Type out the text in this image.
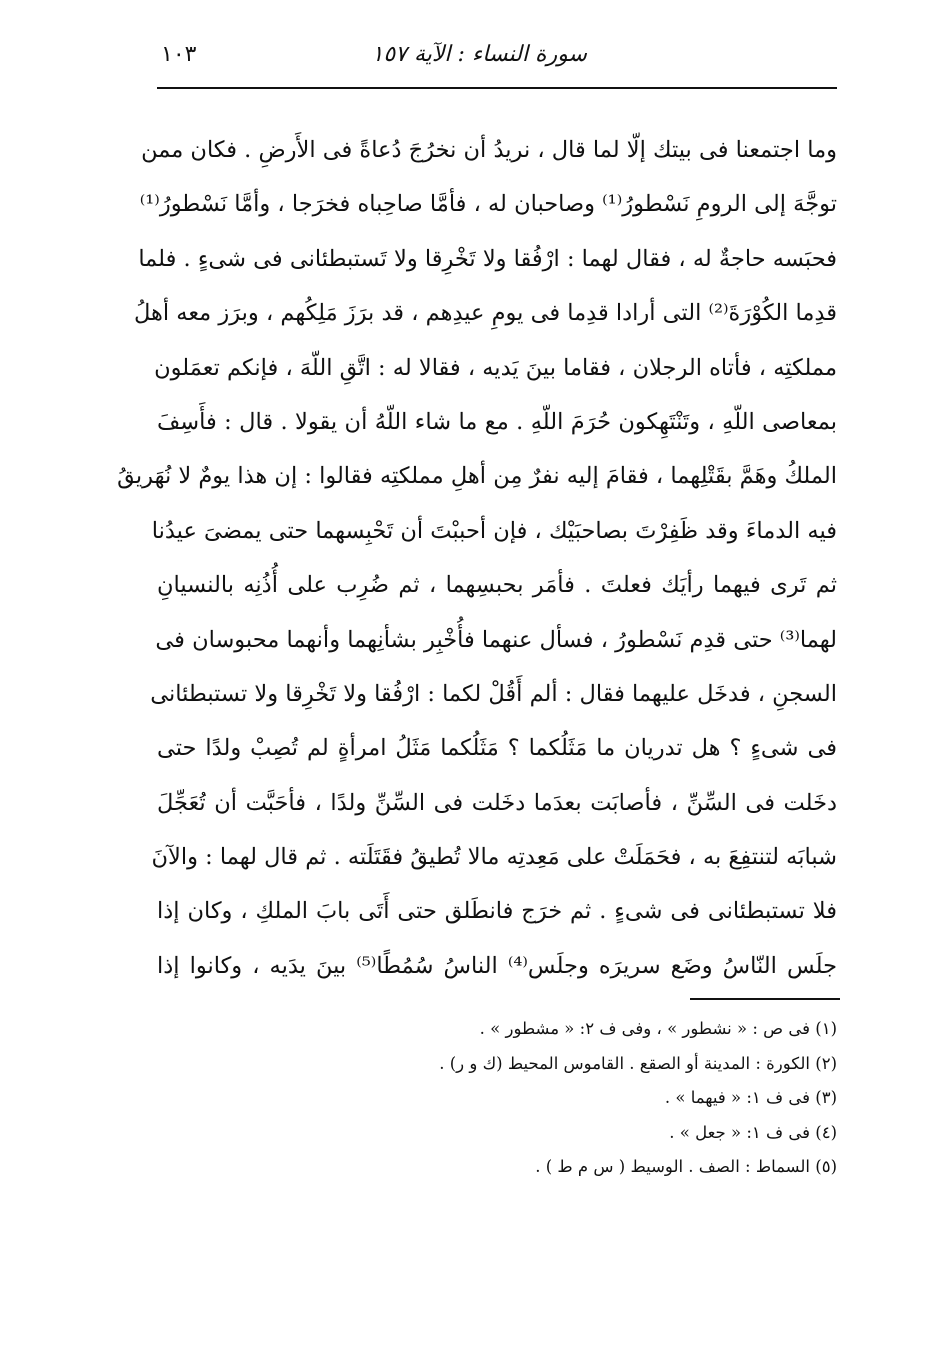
سورة النساء : الآية ١٥٧
١٠٣
وما اجتمعنا فى بيتك إلّا لما قال ، نريدُ أن نخرُجَ دُعاةً فى الأَرضِ . فكان ممن
توجَّهَ إلى الرومِ نَسْطورُ⁽¹⁾ وصاحبان له ، فأمَّا صاحِباه فخرَجا ، وأمَّا نَسْطورُ⁽¹⁾
فحبَسه حاجةٌ له ، فقال لهما : ارْفُقا ولا تَخْرِقا ولا تَستبطئانى فى شىءٍ . فلما
قدِما الكُوْرَةَ⁽²⁾ التى أرادا قدِما فى يومِ عيدِهم ، قد برَزَ مَلِكُهم ، وبرَز معه أهلُ
مملكتِه ، فأتاه الرجلان ، فقاما بينَ يَديه ، فقالا له : اتَّقِ اللّهَ ، فإنكم تعمَلون
بمعاصى اللّهِ ، وتَنْتَهِكون حُرَمَ اللّهِ . مع ما شاء اللّهُ أن يقولا . قال : فأَسِفَ
الملكُ وهَمَّ بقَتْلِهما ، فقامَ إليه نفرٌ مِن أهلِ مملكتِه فقالوا : إن هذا يومٌ لا نُهَريقُ
فيه الدماءَ وقد ظَفِرْتَ بصاحبَيْك ، فإن أحببْتَ أن تَحْبِسهما حتى يمضىَ عيدُنا
ثم تَرى فيهما رأيَك فعلتَ . فأمَر بحبسِهما ، ثم ضُرِب على أُذُنِه بالنسيانِ
لهما⁽³⁾ حتى قدِم نَسْطورُ ، فسأل عنهما فأُخْبِر بشأنِهما وأنهما محبوسان فى
السجنِ ، فدخَل عليهما فقال : ألم أَقُلْ لكما : ارْفُقا ولا تَخْرِقا ولا تستبطئانى
فى شىءٍ ؟ هل تدريان ما مَثَلُكما ؟ مَثَلُكما مَثَلُ امرأةٍ لم تُصِبْ ولدًا حتى
دخَلت فى السِّنِّ ، فأصابَت بعدَما دخَلت فى السِّنِّ ولدًا ، فأحَبَّت أن تُعَجِّلَ
شبابَه لتنتفِعَ به ، فحَمَلَتْ على مَعِدتِه مالا تُطيقُ فقَتَلَته . ثم قال لهما : والآنَ
فلا تستبطئانى فى شىءٍ . ثم خرَج فانطَلق حتى أَتَى بابَ الملكِ ، وكان إذا
جلَس النّاسُ وضَع سريرَه وجلَس⁽⁴⁾ الناسُ سُمُطًا⁽⁵⁾ بينَ يدَيه ، وكانوا إذا
(١) فى ص : « نشطور » ، وفى ف ٢: « مشطور » .
(٢) الكورة : المدينة أو الصقع . القاموس المحيط (ك و ر) .
(٣) فى ف ١: « فيهما » .
(٤) فى ف ١: « جعل » .
(٥) السماط : الصف . الوسيط ( س م ط ) .
